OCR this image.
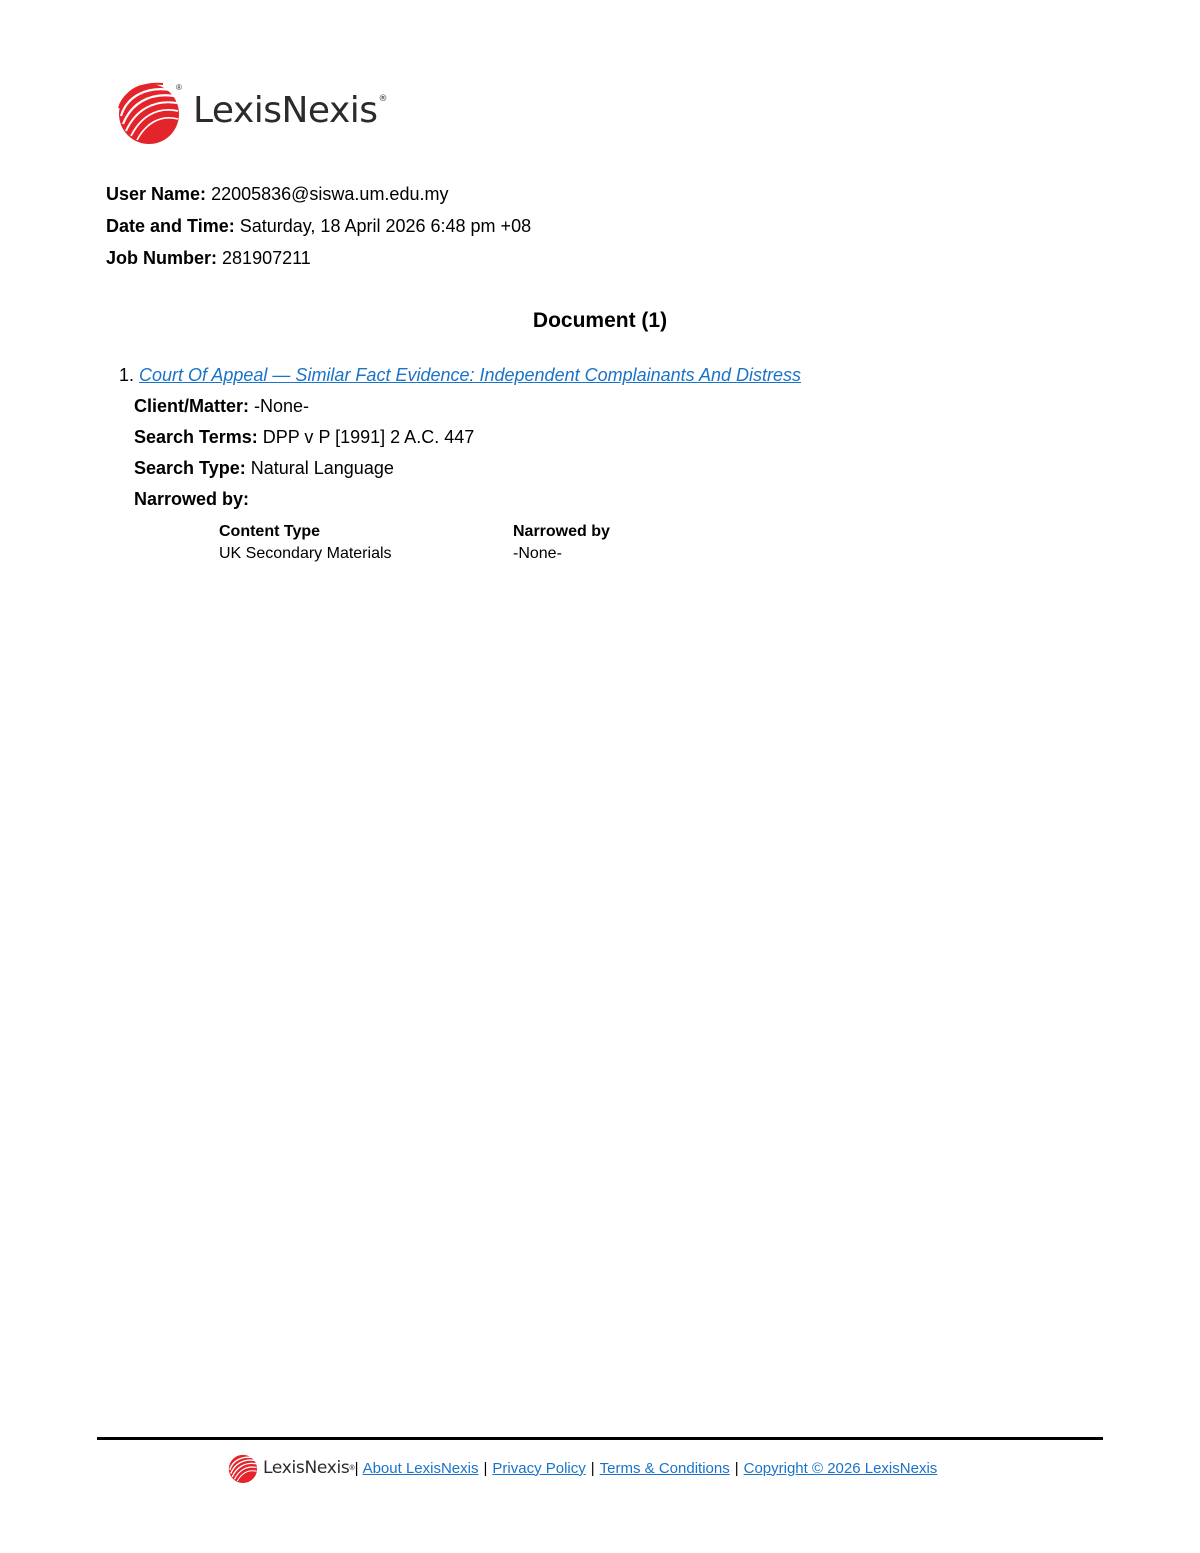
®
LexisNexis®
User Name: 22005836@siswa.um.edu.my
Date and Time: Saturday, 18 April 2026 6:48 pm +08
Job Number: 281907211
Document (1)
1. Court Of Appeal — Similar Fact Evidence: Independent Complainants And Distress
Client/Matter: -None-
Search Terms: DPP v P [1991] 2 A.C. 447
Search Type: Natural Language
Narrowed by:
Content Type	Narrowed by
UK Secondary Materials	-None-
LexisNexis ® | About LexisNexis | Privacy Policy | Terms & Conditions | Copyright © 2026 LexisNexis
